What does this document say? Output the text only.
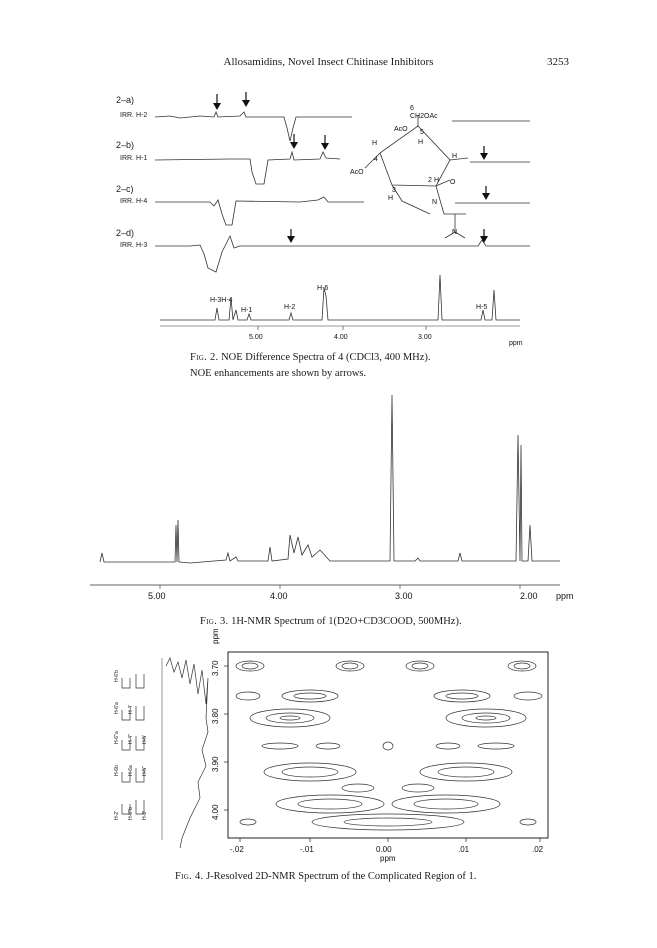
Allosamidins, Novel Insect Chitinase Inhibitors	3253
2–a)
IRR. H-2
2–b)
IRR. H-1
2–c)
IRR. H-4
2–d)
IRR. H-3
6
CH2OAc
AcO 5
H
4
H
H
AcO
3
H
2 H O
N
N
H-3H-4
H-1	H-2
H-6
H-5
5.00	4.00	3.00
ppm
Fig. 2. NOE Difference Spectra of 4 (CDCl3, 400 MHz).
NOE enhancements are shown by arrows.
5.00	4.00	3.00	2.00 ppm
Fig. 3. 1H-NMR Spectrum of 1(D2O+CD3COOD, 500MHz).
3.70
3.80
3.90
4.00
ppm
-.02	-.01	0.00	.01	.02
ppm
H-6'b
H-6'a H-4'
H-6''a H-4'' H-5'
H-6b H-6a H-5''
H-2' H-6''b H-3'
Fig. 4. J-Resolved 2D-NMR Spectrum of the Complicated Region of 1.
